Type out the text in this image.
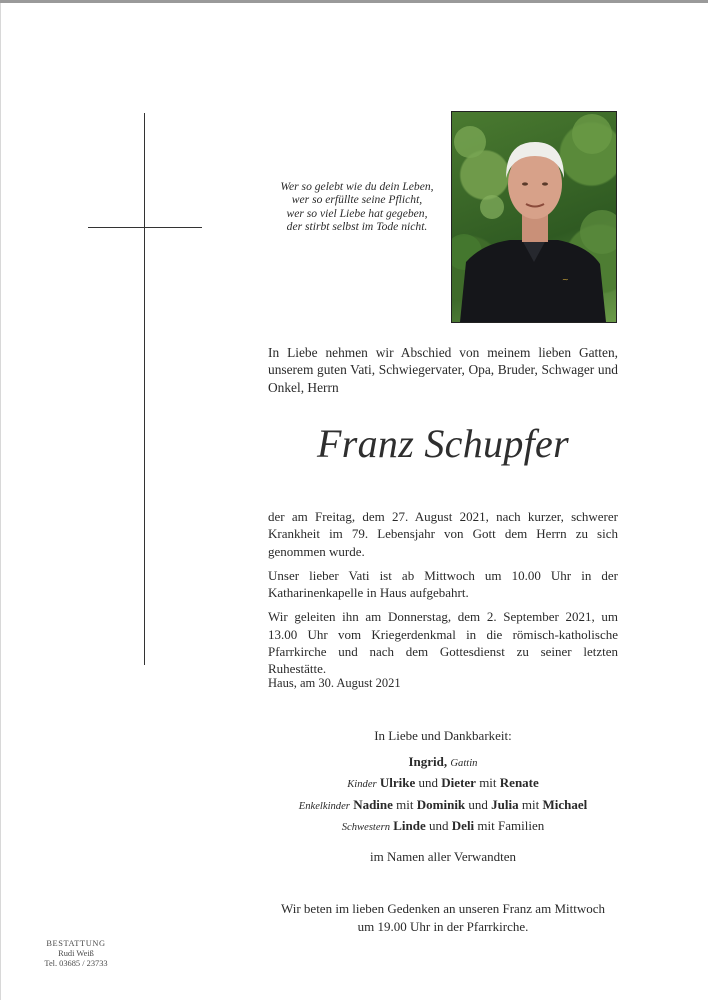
Wer so gelebt wie du dein Leben,
wer so erfüllte seine Pflicht,
wer so viel Liebe hat gegeben,
der stirbt selbst im Tode nicht.
~
In Liebe nehmen wir Abschied von meinem lieben Gatten, unserem guten Vati, Schwiegervater, Opa, Bruder, Schwager und Onkel, Herrn
Franz Schupfer

der am Freitag, dem 27. August 2021, nach kurzer, schwerer Krankheit im 79. Lebensjahr von Gott dem Herrn zu sich genommen wurde.

Unser lieber Vati ist ab Mittwoch um 10.00 Uhr in der Katharinenkapelle in Haus aufgebahrt.

Wir geleiten ihn am Donnerstag, dem 2. September 2021, um 13.00 Uhr vom Kriegerdenkmal in die römisch-katholische Pfarrkirche und nach dem Gottesdienst zu seiner letzten Ruhestätte.

Haus, am 30. August 2021
In Liebe und Dankbarkeit:
Ingrid, Gattin
Kinder Ulrike und Dieter mit Renate
Enkelkinder Nadine mit Dominik und Julia mit Michael
Schwestern Linde und Deli mit Familien
im Namen aller Verwandten
Wir beten im lieben Gedenken an unseren Franz am Mittwoch
um 19.00 Uhr in der Pfarrkirche.
BESTATTUNG
Rudi Weiß
Tel. 03685 / 23733
